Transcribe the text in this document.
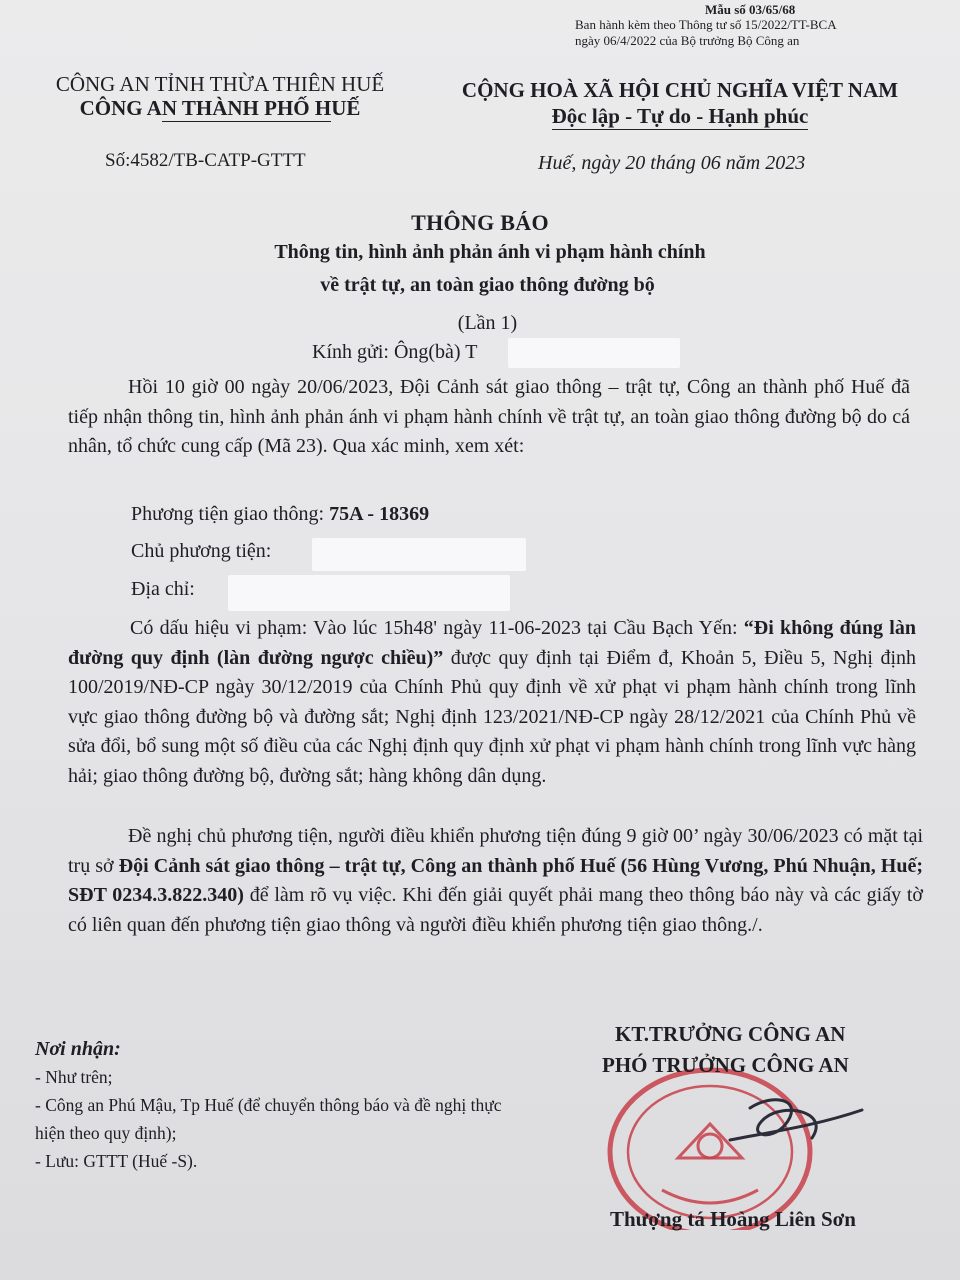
Mẫu số 03/65/68
Ban hành kèm theo Thông tư số 15/2022/TT-BCA
ngày 06/4/2022 của Bộ trưởng Bộ Công an
CÔNG AN TỈNH THỪA THIÊN HUẾ
CÔNG AN THÀNH PHỐ HUẾ
CỘNG HOÀ XÃ HỘI CHỦ NGHĨA VIỆT NAM
Độc lập - Tự do - Hạnh phúc
Số:4582/TB-CATP-GTTT	Huế, ngày 20 tháng 06 năm 2023
THÔNG BÁO
Thông tin, hình ảnh phản ánh vi phạm hành chính
về trật tự, an toàn giao thông đường bộ
(Lần 1)
Kính gửi: Ông(bà) T
Hồi 10 giờ 00 ngày 20/06/2023, Đội Cảnh sát giao thông – trật tự, Công an thành phố Huế đã tiếp nhận thông tin, hình ảnh phản ánh vi phạm hành chính về trật tự, an toàn giao thông đường bộ do cá nhân, tổ chức cung cấp (Mã 23). Qua xác minh, xem xét:
Phương tiện giao thông: 75A - 18369
Chủ phương tiện:
Địa chỉ:
Có dấu hiệu vi phạm: Vào lúc 15h48' ngày 11-06-2023 tại Cầu Bạch Yến: “Đi không đúng làn đường quy định (làn đường ngược chiều)” được quy định tại Điểm đ, Khoản 5, Điều 5, Nghị định 100/2019/NĐ-CP ngày 30/12/2019 của Chính Phủ quy định về xử phạt vi phạm hành chính trong lĩnh vực giao thông đường bộ và đường sắt; Nghị định 123/2021/NĐ-CP ngày 28/12/2021 của Chính Phủ về sửa đổi, bổ sung một số điều của các Nghị định quy định xử phạt vi phạm hành chính trong lĩnh vực hàng hải; giao thông đường bộ, đường sắt; hàng không dân dụng.
Đề nghị chủ phương tiện, người điều khiển phương tiện đúng 9 giờ 00’ ngày 30/06/2023 có mặt tại trụ sở Đội Cảnh sát giao thông – trật tự, Công an thành phố Huế (56 Hùng Vương, Phú Nhuận, Huế; SĐT 0234.3.822.340) để làm rõ vụ việc. Khi đến giải quyết phải mang theo thông báo này và các giấy tờ có liên quan đến phương tiện giao thông và người điều khiển phương tiện giao thông./.
Nơi nhận:
- Như trên;
- Công an Phú Mậu, Tp Huế (để chuyển thông báo và đề nghị thực hiện theo quy định);
- Lưu: GTTT (Huế -S).
KT.TRƯỞNG CÔNG AN
PHÓ TRƯỞNG CÔNG AN
Thượng tá Hoàng Liên Sơn
